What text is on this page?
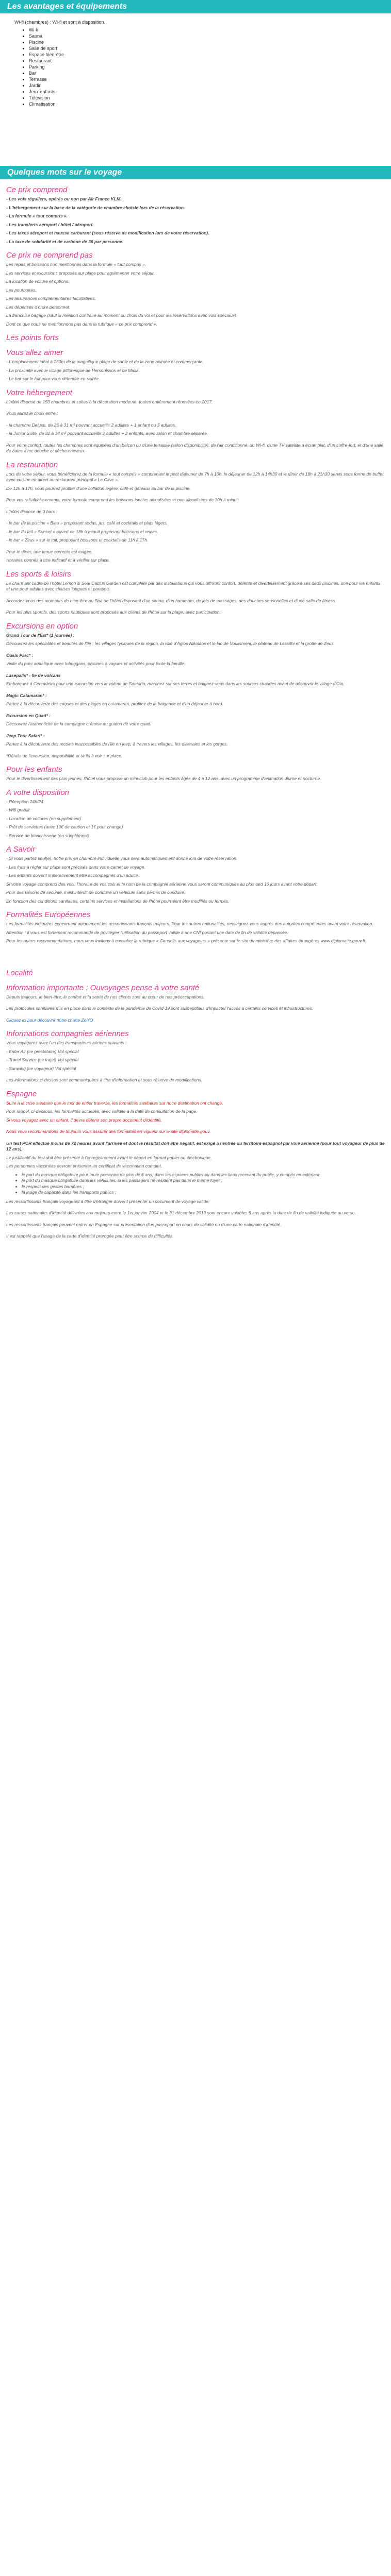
Les avantages et équipements
Wi-fi (chambres) : Wi-fi et sont à disposition.
• Wi-fi
• Sauna
• Piscine
• Salle de sport
• Espace bien-être
• Restaurant
• Parking
• Bar
• Terrasse
• Jardin
• Jeux enfants
• Télévision
• Climatisation
Quelques mots sur le voyage
Ce prix comprend

- Les vols réguliers, opérés ou non par Air France KLM.

- L'hébergement sur la base de la catégorie de chambre choisie lors de la réservation.

- La formule « tout compris ».

- Les transferts aéroport / hôtel / aéroport.

- Les taxes aéroport et hausse carburant (sous réserve de modification lors de votre réservation).

- La taxe de solidarité et de carbone de 36 par personne.

Ce prix ne comprend pas

Les repas et boissons non mentionnés dans la formule « tout compris ».

Les services et excursions proposés sur place pour agrémenter votre séjour.

La location de voiture et options.

Les pourboires.

Les assurances complémentaires facultatives.

Les dépenses d'ordre personnel.

La franchise bagage (sauf si mention contraire au moment du choix du vol et pour les réservations avec vols spéciaux).

Dont ce que nous ne mentionnons pas dans la rubrique « ce prix comprend ».

Les points forts
Vous allez aimer

- L'emplacement idéal à 250m de la magnifique plage de sable et de la zone animée et commerçante.

- La proximité avec le village pittoresque de Hersonissos et de Malia.

- Le bar sur le toit pour vous détendre en soirée.

Votre hébergement

L'hôtel dispose de 150 chambres et suites à la décoration moderne, toutes entièrement rénovées en 2017.

Vous aurez le choix entre :

- la chambre Deluxe, de 26 à 31 m² pouvant accueillir 2 adultes + 1 enfant ou 3 adultes.

- la Junior Suite, de 31 à 34 m² pouvant accueillir 2 adultes + 2 enfants, avec salon et chambre séparée.

Pour votre confort, toutes les chambres sont équipées d'un balcon ou d'une terrasse (selon disponibilité), de l'air conditionné, du Wi-fi, d'une TV satellite à écran plat, d'un coffre-fort, et d'une salle de bains avec douche et sèche-cheveux.

La restauration

Lors de votre séjour, vous bénéficierez de la formule « tout compris » comprenant le petit déjeuner de 7h à 10h, le déjeuner de 12h à 14h30 et le dîner de 18h à 21h30 servis sous forme de buffet avec cuisine en direct au restaurant principal « Le Olive ».

De 12h à 17h, vous pourrez profiter d'une collation légère, café et gâteaux au bar de la piscine.

Pour vos rafraîchissements, votre formule comprend les boissons locales alcoolisées et non alcoolisées de 10h à minuit.

L'hôtel dispose de 3 bars :

- le bar de la piscine « Bleu » proposant sodas, jus, café et cocktails et plats légers.

- le bar du toit « Sunset » ouvert de 18h à minuit proposant boissons et encas.

- le bar « Zeus » sur le toit, proposant boissons et cocktails de 11h à 17h.

Pour le dîner, une tenue correcte est exigée.

Horaires donnés à titre indicatif et à vérifier sur place.

Les sports & loisirs

Le charmant cadre de l'hôtel Lemon & Seal Cactus Garden est complété par des installations qui vous offriront confort, détente et divertissement grâce à ses deux piscines, une pour les enfants et une pour adultes avec chaises longues et parasols.

Accordez-vous des moments de bien-être au Spa de l'hôtel disposant d'un sauna, d'un hammam, de jets de massages, des douches sensorielles et d'une salle de fitness.

Pour les plus sportifs, des sports nautiques sont proposés aux clients de l'hôtel sur la plage, avec participation.

Excursions en option

Grand Tour de l'Est* (1 journée) :

Découvrez les spécialités et beautés de l'île : les villages typiques de la région, la ville d'Agios Nikolaos et le lac de Voulismeni, le plateau de Lassithi et la grotte de Zeus.

Oasis Parc* :

Visite du parc aquatique avec toboggans, piscines à vagues et activités pour toute la famille.

Lasepalis* - Ile de volcans

Embarquez à Cercadeiro pour une excursion vers le volcan de Santorin, marchez sur ses terres et baignez-vous dans les sources chaudes avant de découvrir le village d'Oia.

Magic Catamaran* :

Partez à la découverte des criques et des plages en catamaran, profitez de la baignade et d'un déjeuner à bord.

Excursion en Quad* :

Découvrez l'authenticité de la campagne crétoise au guidon de votre quad.

Jeep Tour Safari* :

Partez à la découverte des recoins inaccessibles de l'île en jeep, à travers les villages, les oliveraies et les gorges.

*Détails de l'excursion, disponibilité et tarifs à voir sur place.

Pour les enfants

Pour le divertissement des plus jeunes, l'hôtel vous propose un mini-club pour les enfants âgés de 4 à 12 ans, avec un programme d'animation diurne et nocturne.

A votre disposition

- Réception 24h/24

- Wifi gratuit

- Location de voitures (en supplément)

- Prêt de serviettes (avec 10€ de caution et 1€ pour change)

- Service de blanchisserie (en supplément)

A Savoir

- Si vous partez seul(e), notre prix en chambre individuelle vous sera automatiquement donné lors de votre réservation.

- Les frais à régler sur place sont précisés dans votre carnet de voyage.

- Les enfants doivent impérativement être accompagnés d'un adulte.

Si votre voyage comprend des vols, l'horaire de vos vols et le nom de la compagnie aérienne vous seront communiqués au plus tard 10 jours avant votre départ.

Pour des raisons de sécurité, il est interdit de conduire un véhicule sans permis de conduire.

En fonction des conditions sanitaires, certains services et installations de l'hôtel pourraient être modifiés ou fermés.

Formalités Européennes

Les formalités indiquées concernent uniquement les ressortissants français majeurs. Pour les autres nationalités, renseignez-vous auprès des autorités compétentes avant votre réservation.

Attention : il vous est fortement recommandé de privilégier l'utilisation du passeport valide à une CNI portant une date de fin de validité dépassée.

Pour les autres recommandations, nous vous invitons à consulter la rubrique « Conseils aux voyageurs » présente sur le site du ministère des affaires étrangères www.diplomatie.gouv.fr.

Localité
Information importante : Ouvoyages pense à votre santé

Depuis toujours, le bien-être, le confort et la santé de nos clients sont au cœur de nos préoccupations.

Les protocoles sanitaires mis en place dans le contexte de la pandémie de Covid-19 sont susceptibles d'impacter l'accès à certains services et infrastructures.

Cliquez ici pour découvrir notre charte Zen'O

Informations compagnies aériennes

Vous voyagerez avec l'un des transporteurs aériens suivants :

- Enter Air (ce prestataire) Vol spécial

- Travel Service (ce trajet) Vol spécial

- Sunwing (ce voyageur) Vol spécial

Les informations ci-dessus sont communiquées à titre d'information et sous réserve de modifications.

Espagne

Suite à la crise sanitaire que le monde entier traverse, les formalités sanitaires sur notre destination ont changé.

Pour rappel, ci-dessous, les formalités actuelles, avec validité à la date de consultation de la page.

Si vous voyagez avec un enfant, il devra détenir son propre document d'identité.

Nous vous recommandons de toujours vous assurer des formalités en vigueur sur le site diplomatie.gouv.

Un test PCR effectué moins de 72 heures avant l'arrivée et dont le résultat doit être négatif, est exigé à l'entrée du territoire espagnol par voie aérienne (pour tout voyageur de plus de 12 ans).

Le justificatif du test doit être présenté à l'enregistrement avant le départ en format papier ou électronique.

Les personnes vaccinées devront présenter un certificat de vaccination complet.

• le port du masque obligatoire pour toute personne de plus de 6 ans, dans les espaces publics ou dans les lieux recevant du public, y compris en extérieur.
• le port du masque obligatoire dans les véhicules, si les passagers ne résident pas dans le même foyer ;
• le respect des gestes barrières ;
• la jauge de capacité dans les transports publics ;

Les ressortissants français voyageant à titre d'étranger doivent présenter un document de voyage valide.

Les cartes nationales d'identité délivrées aux majeurs entre le 1er janvier 2004 et le 31 décembre 2013 sont encore valables 5 ans après la date de fin de validité indiquée au verso.

Les ressortissants français peuvent entrer en Espagne sur présentation d'un passeport en cours de validité ou d'une carte nationale d'identité.

Il est rappelé que l'usage de la carte d'identité prorogée peut être source de difficultés.
